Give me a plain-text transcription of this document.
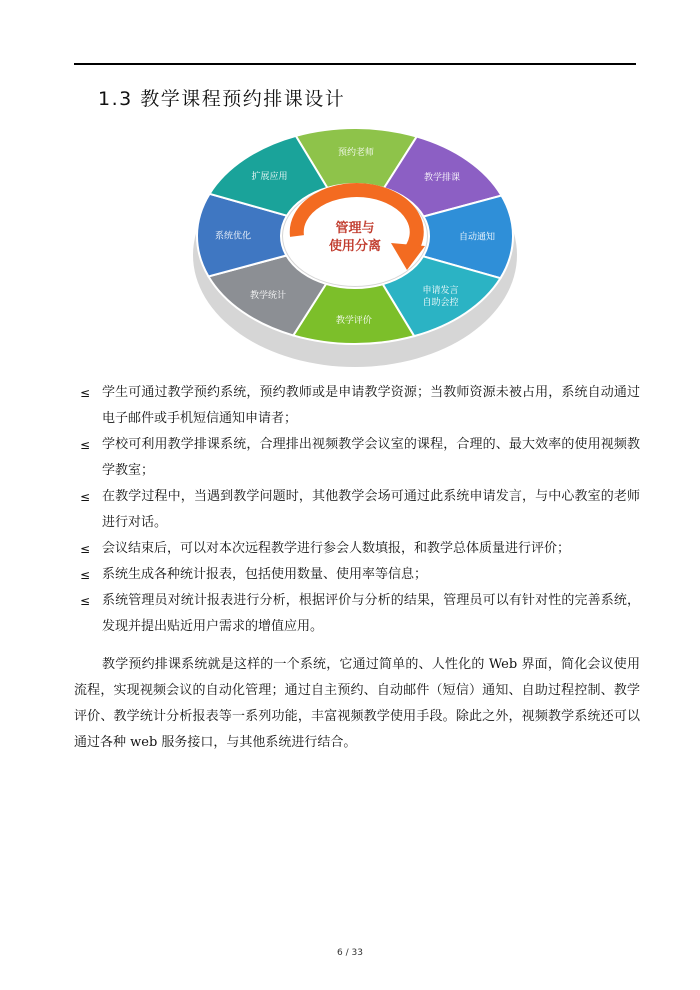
1.3 教学课程预约排课设计
预约老师
教学排课
自动通知
申请发言自助会控
教学评价
教学统计
系统优化
扩展应用
管理与
使用分离
≤ 学生可通过教学预约系统，预约教师或是申请教学资源；当教师资源未被占用，系统自动通过电子邮件或手机短信通知申请者；
≤ 学校可利用教学排课系统，合理排出视频教学会议室的课程，合理的、最大效率的使用视频教学教室；
≤ 在教学过程中，当遇到教学问题时，其他教学会场可通过此系统申请发言，与中心教室的老师进行对话。
≤ 会议结束后，可以对本次远程教学进行参会人数填报，和教学总体质量进行评价；
≤ 系统生成各种统计报表，包括使用数量、使用率等信息；
≤ 系统管理员对统计报表进行分析，根据评价与分析的结果，管理员可以有针对性的完善系统，发现并提出贴近用户需求的增值应用。
教学预约排课系统就是这样的一个系统，它通过简单的、人性化的 Web 界面，简化会议使用流程，实现视频会议的自动化管理；通过自主预约、自动邮件（短信）通知、自助过程控制、教学评价、教学统计分析报表等一系列功能，丰富视频教学使用手段。除此之外，视频教学系统还可以通过各种 web 服务接口，与其他系统进行结合。
6 / 33
